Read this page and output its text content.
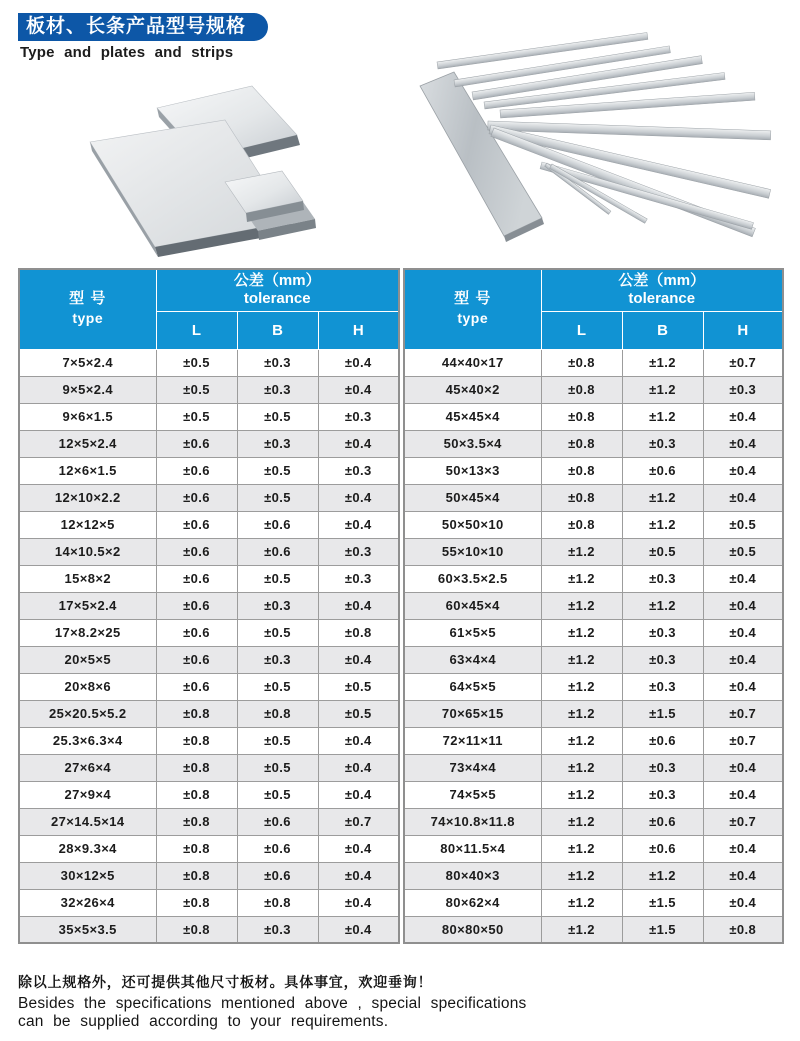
板材、长条产品型号规格
Type and plates and strips
型 号
type	公差（mm）
tolerance		
	L	B	H
7×5×2.4	±0.5	±0.3	±0.4
9×5×2.4	±0.5	±0.3	±0.4
9×6×1.5	±0.5	±0.5	±0.3
12×5×2.4	±0.6	±0.3	±0.4
12×6×1.5	±0.6	±0.5	±0.3
12×10×2.2	±0.6	±0.5	±0.4
12×12×5	±0.6	±0.6	±0.4
14×10.5×2	±0.6	±0.6	±0.3
15×8×2	±0.6	±0.5	±0.3
17×5×2.4	±0.6	±0.3	±0.4
17×8.2×25	±0.6	±0.5	±0.8
20×5×5	±0.6	±0.3	±0.4
20×8×6	±0.6	±0.5	±0.5
25×20.5×5.2	±0.8	±0.8	±0.5
25.3×6.3×4	±0.8	±0.5	±0.4
27×6×4	±0.8	±0.5	±0.4
27×9×4	±0.8	±0.5	±0.4
27×14.5×14	±0.8	±0.6	±0.7
28×9.3×4	±0.8	±0.6	±0.4
30×12×5	±0.8	±0.6	±0.4
32×26×4	±0.8	±0.8	±0.4
35×5×3.5	±0.8	±0.3	±0.4
型 号
type	公差（mm）
tolerance		
	L	B	H
44×40×17	±0.8	±1.2	±0.7
45×40×2	±0.8	±1.2	±0.3
45×45×4	±0.8	±1.2	±0.4
50×3.5×4	±0.8	±0.3	±0.4
50×13×3	±0.8	±0.6	±0.4
50×45×4	±0.8	±1.2	±0.4
50×50×10	±0.8	±1.2	±0.5
55×10×10	±1.2	±0.5	±0.5
60×3.5×2.5	±1.2	±0.3	±0.4
60×45×4	±1.2	±1.2	±0.4
61×5×5	±1.2	±0.3	±0.4
63×4×4	±1.2	±0.3	±0.4
64×5×5	±1.2	±0.3	±0.4
70×65×15	±1.2	±1.5	±0.7
72×11×11	±1.2	±0.6	±0.7
73×4×4	±1.2	±0.3	±0.4
74×5×5	±1.2	±0.3	±0.4
74×10.8×11.8	±1.2	±0.6	±0.7
80×11.5×4	±1.2	±0.6	±0.4
80×40×3	±1.2	±1.2	±0.4
80×62×4	±1.2	±1.5	±0.4
80×80×50	±1.2	±1.5	±0.8
除以上规格外，还可提供其他尺寸板材。具体事宜，欢迎垂询！
Besides the specifications mentioned above , special specifications
can be supplied according to your requirements.
